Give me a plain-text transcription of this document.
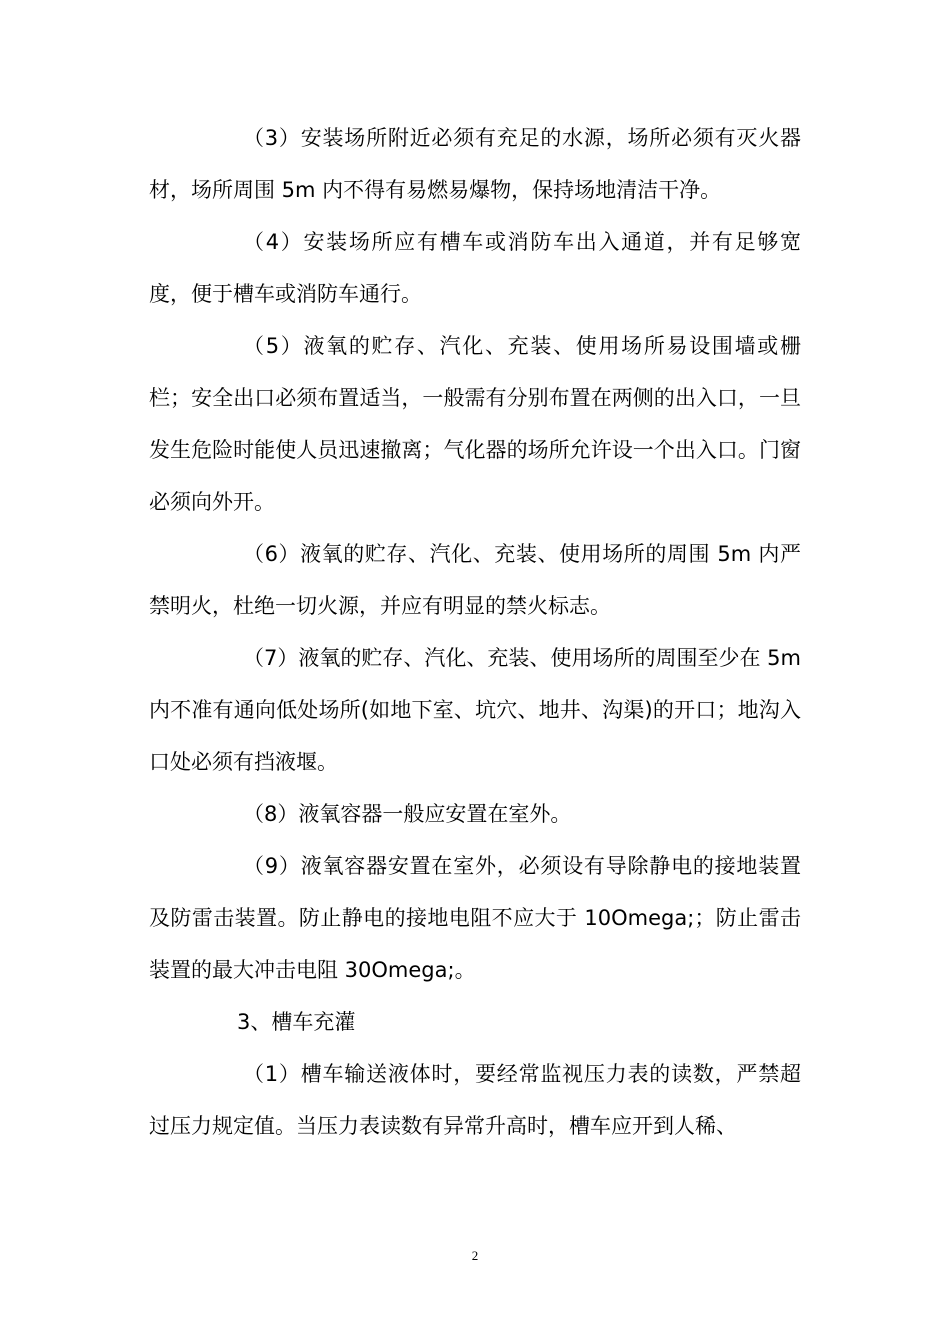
（3）安装场所附近必须有充足的水源，场所必须有灭火器材，场所周围 5m 内不得有易燃易爆物，保持场地清洁干净。

（4）安装场所应有槽车或消防车出入通道，并有足够宽度，便于槽车或消防车通行。

（5）液氧的贮存、汽化、充装、使用场所易设围墙或栅栏；安全出口必须布置适当，一般需有分别布置在两侧的出入口，一旦发生危险时能使人员迅速撤离；气化器的场所允许设一个出入口。门窗必须向外开。

（6）液氧的贮存、汽化、充装、使用场所的周围 5m 内严禁明火，杜绝一切火源，并应有明显的禁火标志。

（7）液氧的贮存、汽化、充装、使用场所的周围至少在 5m 内不准有通向低处场所(如地下室、坑穴、地井、沟渠)的开口；地沟入口处必须有挡液堰。

（8）液氧容器一般应安置在室外。

（9）液氧容器安置在室外，必须设有导除静电的接地装置及防雷击装置。防止静电的接地电阻不应大于 10Omega;；防止雷击装置的最大冲击电阻 30Omega;。

3、槽车充灌

（1）槽车输送液体时，要经常监视压力表的读数，严禁超过压力规定值。当压力表读数有异常升高时，槽车应开到人稀、

2
